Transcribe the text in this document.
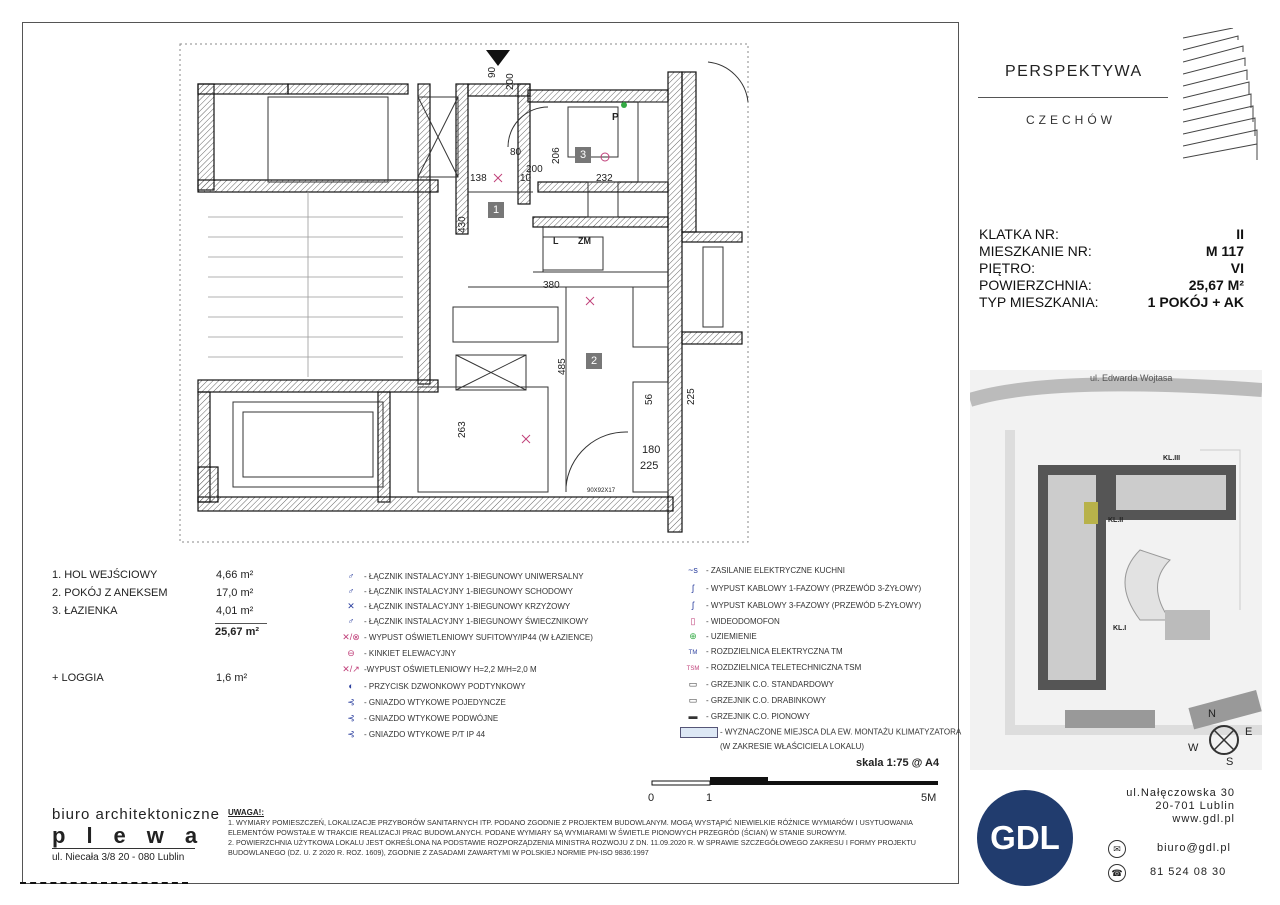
90
200
80	206
138	10
200
232
430
380
485
263
56	225
180
225
1
2
3
P
L ZM
90X92X17
PERSPEKTYWA
CZECHÓW
KLATKA NR:	II
MIESZKANIE NR:	M 117
PIĘTRO:	VI
POWIERZCHNIA:	25,67 M²
TYP MIESZKANIA:	1 POKÓJ + AK
ul. Edwarda Wojtasa
KL.III
KL.II
KL.I
N
E
W
S
1. HOL WEJŚCIOWY	4,66 m²
2. POKÓJ Z ANEKSEM	17,0 m²
3. ŁAZIENKA	4,01 m²
25,67 m²
+ LOGGIA	1,6 m²
♂ - ŁĄCZNIK INSTALACYJNY 1-BIEGUNOWY UNIWERSALNY
♂ - ŁĄCZNIK INSTALACYJNY 1-BIEGUNOWY SCHODOWY
✕ - ŁĄCZNIK INSTALACYJNY 1-BIEGUNOWY KRZYŻOWY
♂ - ŁĄCZNIK INSTALACYJNY 1-BIEGUNOWY ŚWIECZNIKOWY
✕/⊗ - WYPUST OŚWIETLENIOWY SUFITOWY/IP44 (W ŁAZIENCE)
⊖ - KINKIET ELEWACYJNY
✕/↗ -WYPUST OŚWIETLENIOWY H=2,2 M/H=2,0 M
◐ - PRZYCISK DZWONKOWY PODTYNKOWY
⊰ - GNIAZDO WTYKOWE POJEDYNCZE
⊰ - GNIAZDO WTYKOWE PODWÓJNE
⊰ - GNIAZDO WTYKOWE P/T IP 44
~s - ZASILANIE ELEKTRYCZNE KUCHNI
ʃ - WYPUST KABLOWY 1-FAZOWY (PRZEWÓD 3-ŻYŁOWY)
ʃ - WYPUST KABLOWY 3-FAZOWY (PRZEWÓD 5-ŻYŁOWY)
▯ - WIDEODOMOFON
⊕ - UZIEMIENIE
TM - ROZDZIELNICA ELEKTRYCZNA TM
TSM - ROZDZIELNICA TELETECHNICZNA TSM
▭ - GRZEJNIK C.O. STANDARDOWY
▭ - GRZEJNIK C.O. DRABINKOWY
▬ - GRZEJNIK C.O. PIONOWY
- WYZNACZONE MIEJSCA DLA EW. MONTAŻU KLIMATYZATORA
(W ZAKRESIE WŁAŚCICIELA LOKALU)
skala 1:75 @ A4
0	1	5M
UWAGA!:
1. WYMIARY POMIESZCZEŃ, LOKALIZACJE PRZYBORÓW SANITARNYCH ITP. PODANO ZGODNIE Z PROJEKTEM BUDOWLANYM. MOGĄ WYSTĄPIĆ NIEWIELKIE RÓŻNICE WYMIARÓW I USYTUOWANIA ELEMENTÓW POWSTAŁE W TRAKCIE REALIZACJI PRAC BUDOWLANYCH. PODANE WYMIARY SĄ WYMIARAMI W ŚWIETLE PIONOWYCH PRZEGRÓD (ŚCIAN) W STANIE SUROWYM.
2. POWIERZCHNIA UŻYTKOWA LOKALU JEST OKREŚLONA NA PODSTAWIE ROZPORZĄDZENIA MINISTRA ROZWOJU Z DN. 11.09.2020 R. W SPRAWIE SZCZEGÓŁOWEGO ZAKRESU I FORMY PROJEKTU BUDOWLANEGO (DZ. U. Z 2020 R. ROZ. 1609), ZGODNIE Z ZASADAMI ZAWARTYMI W POLSKIEJ NORMIE PN-ISO 9836:1997
biuro architektoniczne
plewa
ul. Niecała 3/8 20 - 080 Lublin
GDL
ul.Nałęczowska 30
20-701 Lublin
www.gdl.pl
✉	biuro@gdl.pl
☎	81 524 08 30
